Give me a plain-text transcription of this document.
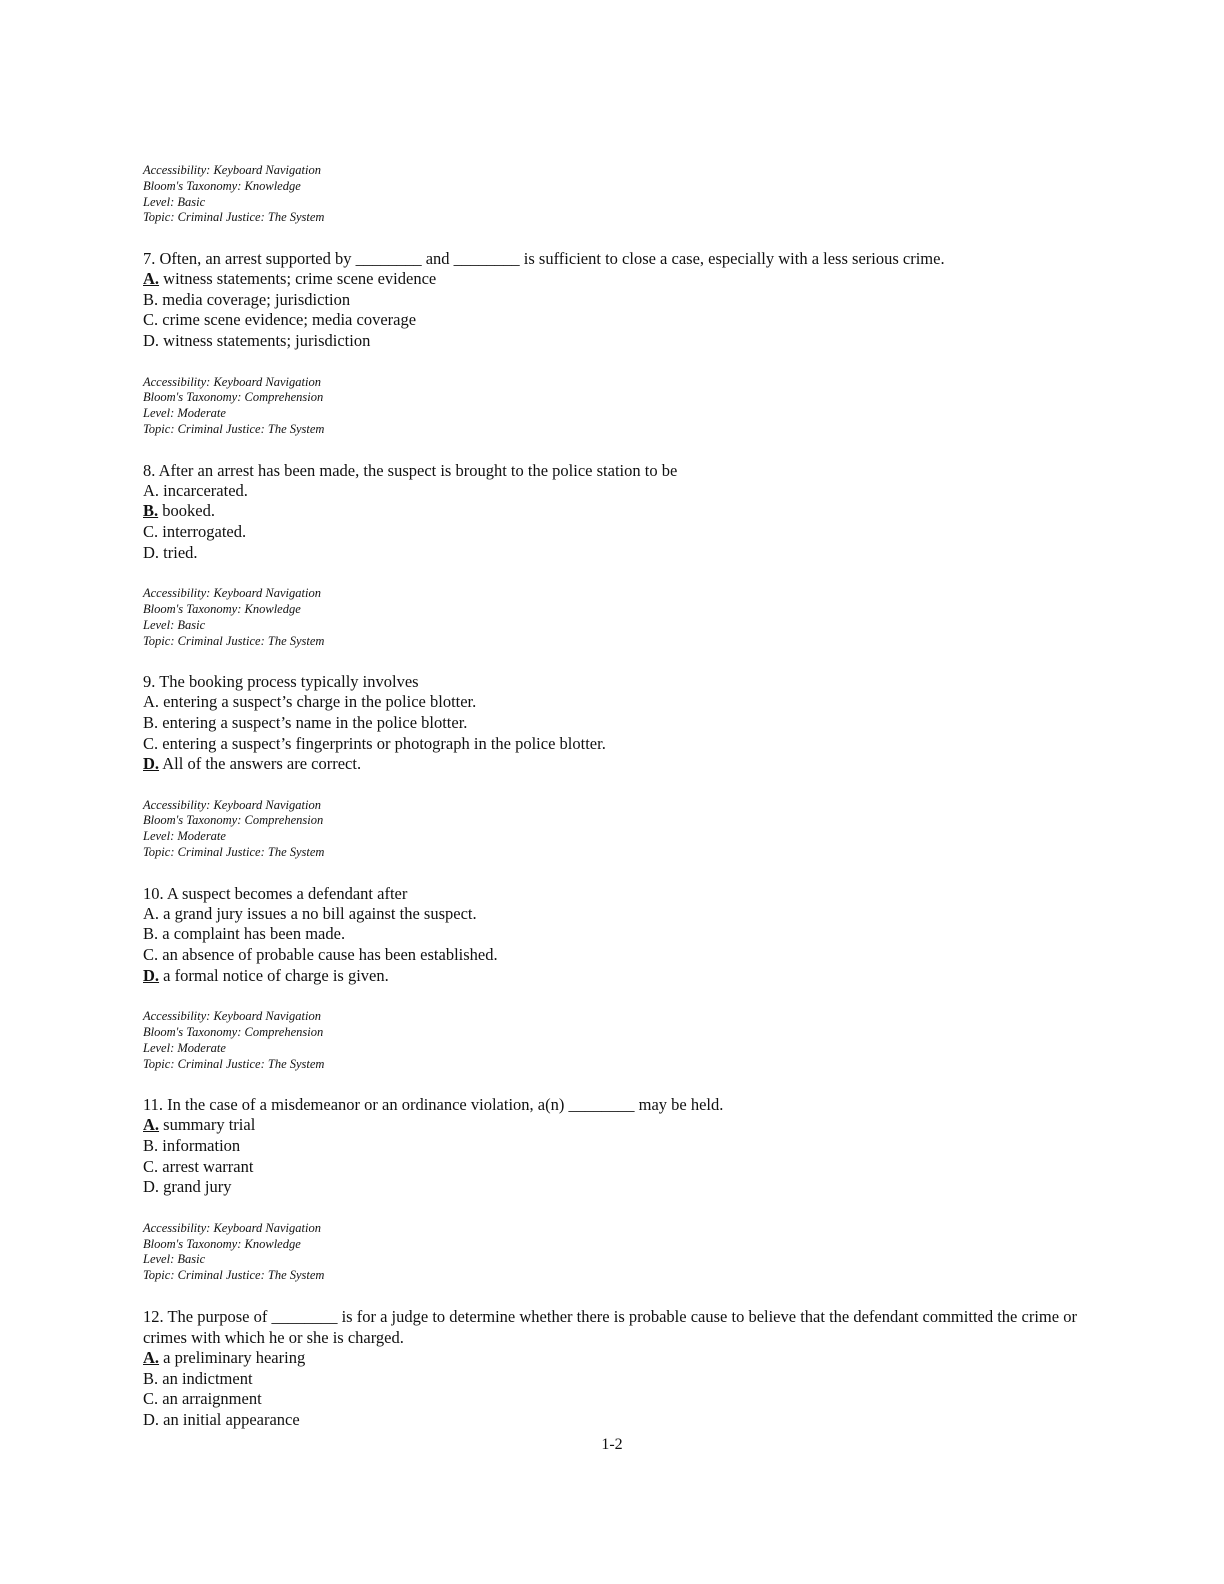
Accessibility: Keyboard Navigation
Bloom's Taxonomy: Knowledge
Level: Basic
Topic: Criminal Justice: The System
7. Often, an arrest supported by ________ and ________ is sufficient to close a case, especially with a less serious crime.
A. witness statements; crime scene evidence
B. media coverage; jurisdiction
C. crime scene evidence; media coverage
D. witness statements; jurisdiction
Accessibility: Keyboard Navigation
Bloom's Taxonomy: Comprehension
Level: Moderate
Topic: Criminal Justice: The System
8. After an arrest has been made, the suspect is brought to the police station to be
A. incarcerated.
B. booked.
C. interrogated.
D. tried.
Accessibility: Keyboard Navigation
Bloom's Taxonomy: Knowledge
Level: Basic
Topic: Criminal Justice: The System
9. The booking process typically involves
A. entering a suspect’s charge in the police blotter.
B. entering a suspect’s name in the police blotter.
C. entering a suspect’s fingerprints or photograph in the police blotter.
D. All of the answers are correct.
Accessibility: Keyboard Navigation
Bloom's Taxonomy: Comprehension
Level: Moderate
Topic: Criminal Justice: The System
10. A suspect becomes a defendant after
A. a grand jury issues a no bill against the suspect.
B. a complaint has been made.
C. an absence of probable cause has been established.
D. a formal notice of charge is given.
Accessibility: Keyboard Navigation
Bloom's Taxonomy: Comprehension
Level: Moderate
Topic: Criminal Justice: The System
11. In the case of a misdemeanor or an ordinance violation, a(n) ________ may be held.
A. summary trial
B. information
C. arrest warrant
D. grand jury
Accessibility: Keyboard Navigation
Bloom's Taxonomy: Knowledge
Level: Basic
Topic: Criminal Justice: The System
12. The purpose of ________ is for a judge to determine whether there is probable cause to believe that the defendant committed the crime or crimes with which he or she is charged.
A. a preliminary hearing
B. an indictment
C. an arraignment
D. an initial appearance
1-2
